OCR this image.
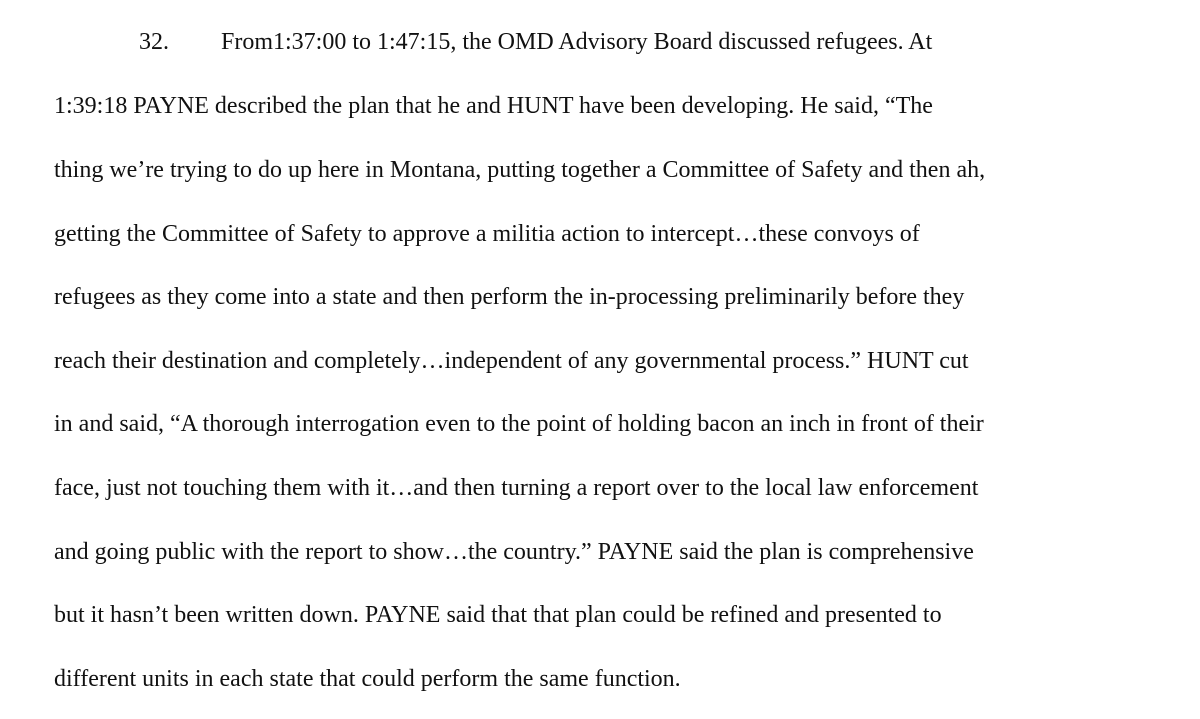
32. From1:37:00 to 1:47:15, the OMD Advisory Board discussed refugees. At

1:39:18 PAYNE described the plan that he and HUNT have been developing. He said, “The

thing we’re trying to do up here in Montana, putting together a Committee of Safety and then ah,

getting the Committee of Safety to approve a militia action to intercept…these convoys of

refugees as they come into a state and then perform the in-processing preliminarily before they

reach their destination and completely…independent of any governmental process.” HUNT cut

in and said, “A thorough interrogation even to the point of holding bacon an inch in front of their

face, just not touching them with it…and then turning a report over to the local law enforcement

and going public with the report to show…the country.” PAYNE said the plan is comprehensive

but it hasn’t been written down. PAYNE said that that plan could be refined and presented to

different units in each state that could perform the same function.
